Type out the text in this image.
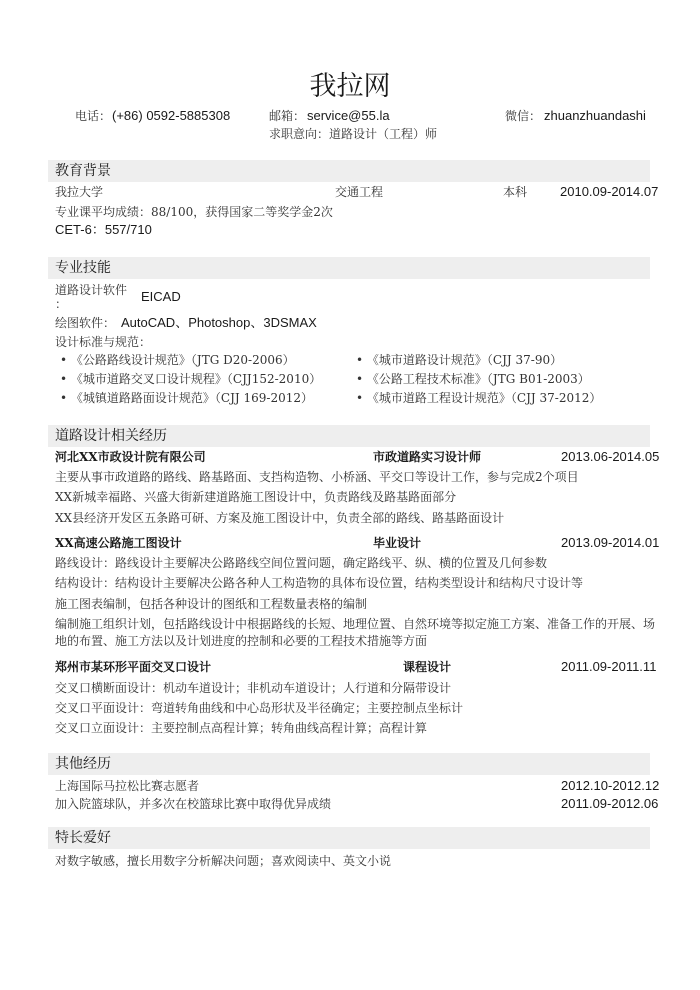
我拉网
电话： (+86) 0592-5885308	邮箱： service@55.la	微信： zhuanzhuandashi
求职意向：道路设计（工程）师
教育背景
我拉大学	交通工程	本科	2010.09-2014.07
专业课平均成绩：88/100，获得国家二等奖学金2次
CET-6：557/710
专业技能
道路设计软件
：	EICAD
绘图软件： AutoCAD、Photoshop、3DSMAX
设计标准与规范：
• 《公路路线设计规范》（JTG D20-2006）
• 《城市道路交叉口设计规程》（CJJ152-2010）
• 《城镇道路路面设计规范》（CJJ 169-2012）
• 《城市道路设计规范》（CJJ 37-90）
• 《公路工程技术标准》（JTG B01-2003）
• 《城市道路工程设计规范》（CJJ 37-2012）
道路设计相关经历
河北XX市政设计院有限公司	市政道路实习设计师	2013.06-2014.05
主要从事市政道路的路线、路基路面、支挡构造物、小桥涵、平交口等设计工作，参与完成2个项目
XX新城幸福路、兴盛大街新建道路施工图设计中，负责路线及路基路面部分
XX县经济开发区五条路可研、方案及施工图设计中，负责全部的路线、路基路面设计
XX高速公路施工图设计	毕业设计	2013.09-2014.01
路线设计：路线设计主要解决公路路线空间位置问题，确定路线平、纵、横的位置及几何参数
结构设计：结构设计主要解决公路各种人工构造物的具体布设位置，结构类型设计和结构尺寸设计等
施工图表编制，包括各种设计的图纸和工程数量表格的编制
编制施工组织计划，包括路线设计中根据路线的长短、地理位置、自然环境等拟定施工方案、准备工作的开展、场
地的布置、施工方法以及计划进度的控制和必要的工程技术措施等方面
郑州市某环形平面交叉口设计	课程设计	2011.09-2011.11
交叉口横断面设计：机动车道设计；非机动车道设计；人行道和分隔带设计
交叉口平面设计：弯道转角曲线和中心岛形状及半径确定；主要控制点坐标计
交叉口立面设计：主要控制点高程计算；转角曲线高程计算；高程计算
其他经历
上海国际马拉松比赛志愿者	2012.10-2012.12
加入院篮球队，并多次在校篮球比赛中取得优异成绩	2011.09-2012.06
特长爱好
对数字敏感，擅长用数字分析解决问题；喜欢阅读中、英文小说
